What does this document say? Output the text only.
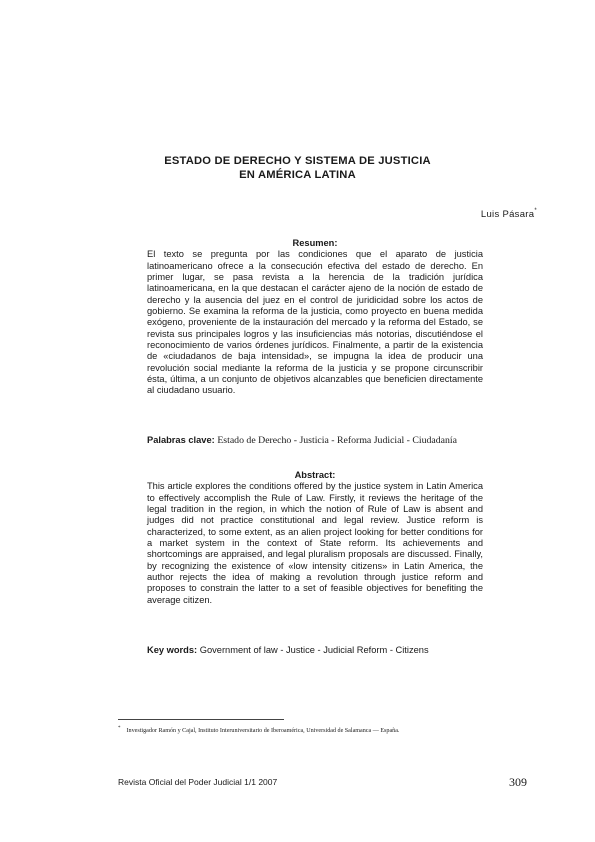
ESTADO DE DERECHO Y SISTEMA DE JUSTICIA
EN AMÉRICA LATINA
Luis Pásara*
Resumen:

El texto se pregunta por las condiciones que el aparato de justicia latinoamericano ofrece a la consecución efectiva del estado de derecho. En primer lugar, se pasa revista a la herencia de la tradición jurídica latinoamericana, en la que destacan el carácter ajeno de la noción de estado de derecho y la ausencia del juez en el control de juridicidad sobre los actos de gobierno. Se examina la reforma de la justicia, como proyecto en buena medida exógeno, proveniente de la instauración del mercado y la reforma del Estado, se revista sus principales logros y las insuficiencias más notorias, discutiéndose el reconocimiento de varios órdenes jurídicos. Finalmente, a partir de la existencia de «ciudadanos de baja intensidad», se impugna la idea de producir una revolución social mediante la reforma de la justicia y se propone circunscribir ésta, última, a un conjunto de objetivos alcanzables que beneficien directamente al ciudadano usuario.

Palabras clave: Estado de Derecho - Justicia - Reforma Judicial - Ciudadanía

Abstract:

This article explores the conditions offered by the justice system in Latin America to effectively accomplish the Rule of Law. Firstly, it reviews the heritage of the legal tradition in the region, in which the notion of Rule of Law is absent and judges did not practice constitutional and legal review. Justice reform is characterized, to some extent, as an alien project looking for better conditions for a market system in the context of State reform. Its achievements and shortcomings are appraised, and legal pluralism proposals are discussed. Finally, by recognizing the existence of «low intensity citizens» in Latin America, the author rejects the idea of making a revolution through justice reform and proposes to constrain the latter to a set of feasible objectives for benefiting the average citizen.

Key words: Government of law - Justice - Judicial Reform - Citizens

* Investigador Ramón y Cajal, Instituto Interuniversitario de Iberoamérica, Universidad de Salamanca — España.
Revista Oficial del Poder Judicial 1/1 2007	309
